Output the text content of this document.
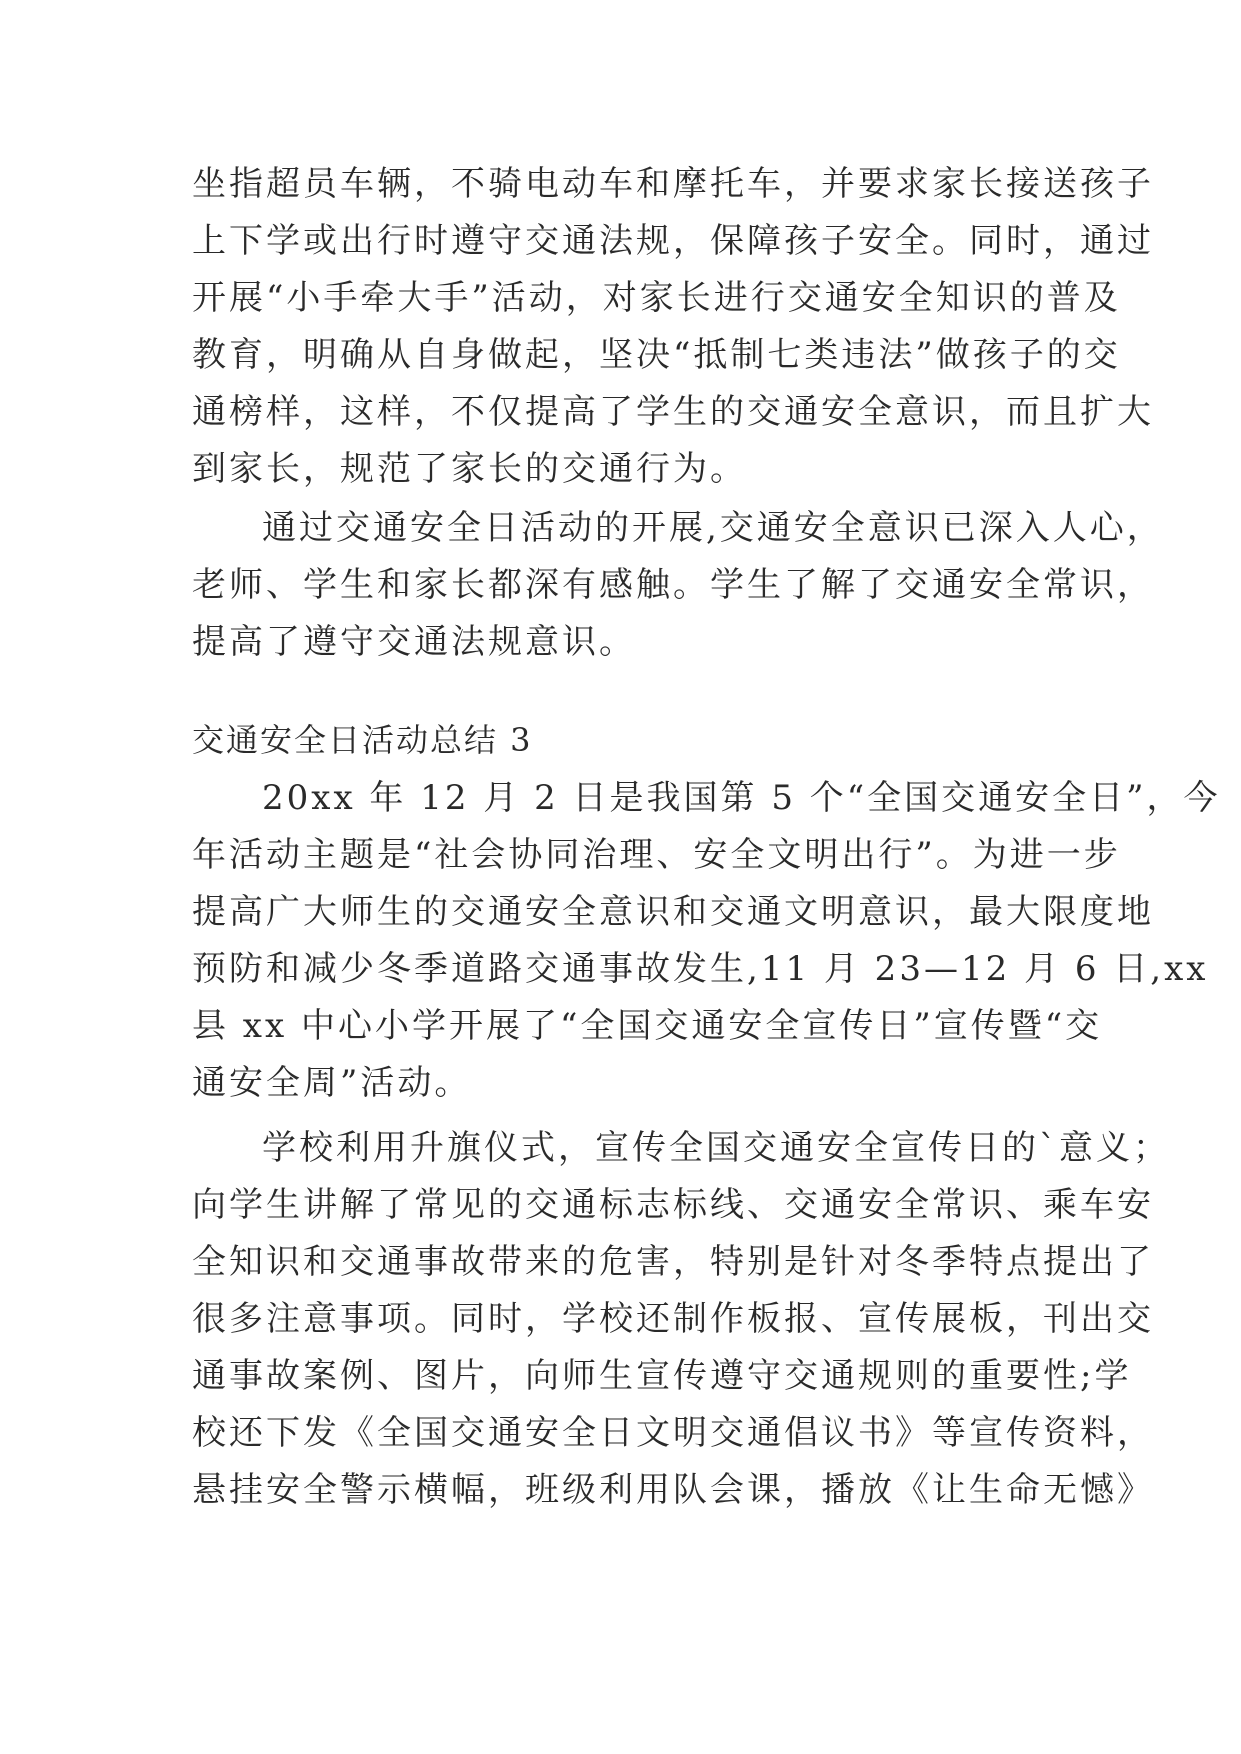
坐指超员车辆，不骑电动车和摩托车，并要求家长接送孩子
上下学或出行时遵守交通法规，保障孩子安全。同时，通过
开展“小手牵大手”活动，对家长进行交通安全知识的普及
教育，明确从自身做起，坚决“抵制七类违法”做孩子的交
通榜样，这样，不仅提高了学生的交通安全意识，而且扩大
到家长，规范了家长的交通行为。
通过交通安全日活动的开展,交通安全意识已深入人心，
老师、学生和家长都深有感触。学生了解了交通安全常识，
提高了遵守交通法规意识。
交通安全日活动总结 3
20xx 年 12 月 2 日是我国第 5 个“全国交通安全日”，今
年活动主题是“社会协同治理、安全文明出行”。为进一步
提高广大师生的交通安全意识和交通文明意识，最大限度地
预防和减少冬季道路交通事故发生,11 月 23—12 月 6 日,xx
县 xx 中心小学开展了“全国交通安全宣传日”宣传暨“交
通安全周”活动。
学校利用升旗仪式，宣传全国交通安全宣传日的`意义；
向学生讲解了常见的交通标志标线、交通安全常识、乘车安
全知识和交通事故带来的危害，特别是针对冬季特点提出了
很多注意事项。同时，学校还制作板报、宣传展板，刊出交
通事故案例、图片，向师生宣传遵守交通规则的重要性;学
校还下发《全国交通安全日文明交通倡议书》等宣传资料，
悬挂安全警示横幅，班级利用队会课，播放《让生命无憾》
